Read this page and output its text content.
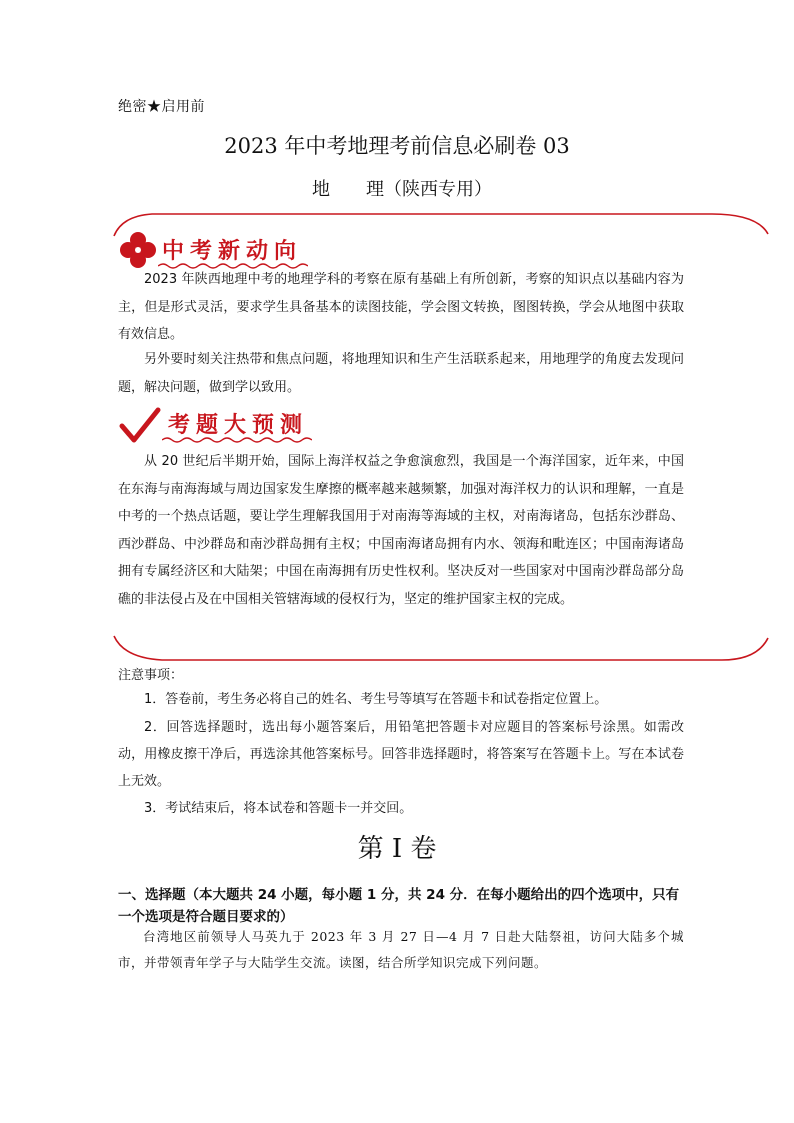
绝密★启用前
2023 年中考地理考前信息必刷卷 03
地　　理（陕西专用）
中考新动向
2023 年陕西地理中考的地理学科的考察在原有基础上有所创新，考察的知识点以基础内容为主，但是形式灵活，要求学生具备基本的读图技能，学会图文转换，图图转换，学会从地图中获取有效信息。
另外要时刻关注热带和焦点问题，将地理知识和生产生活联系起来，用地理学的角度去发现问题，解决问题，做到学以致用。
考题大预测
从 20 世纪后半期开始，国际上海洋权益之争愈演愈烈，我国是一个海洋国家，近年来，中国在东海与南海海域与周边国家发生摩擦的概率越来越频繁，加强对海洋权力的认识和理解，一直是中考的一个热点话题，要让学生理解我国用于对南海等海域的主权，对南海诸岛，包括东沙群岛、西沙群岛、中沙群岛和南沙群岛拥有主权；中国南海诸岛拥有内水、领海和毗连区；中国南海诸岛拥有专属经济区和大陆架；中国在南海拥有历史性权利。坚决反对一些国家对中国南沙群岛部分岛礁的非法侵占及在中国相关管辖海域的侵权行为，坚定的维护国家主权的完成。
注意事项：
1．答卷前，考生务必将自己的姓名、考生号等填写在答题卡和试卷指定位置上。
2．回答选择题时，选出每小题答案后，用铅笔把答题卡对应题目的答案标号涂黑。如需改动，用橡皮擦干净后，再选涂其他答案标号。回答非选择题时，将答案写在答题卡上。写在本试卷上无效。
3．考试结束后，将本试卷和答题卡一并交回。
第 I 卷
一、选择题（本大题共 24 小题，每小题 1 分，共 24 分．在每小题给出的四个选项中，只有一个选项是符合题目要求的）
台湾地区前领导人马英九于 2023 年 3 月 27 日—4 月 7 日赴大陆祭祖，访问大陆多个城市，并带领青年学子与大陆学生交流。读图，结合所学知识完成下列问题。
